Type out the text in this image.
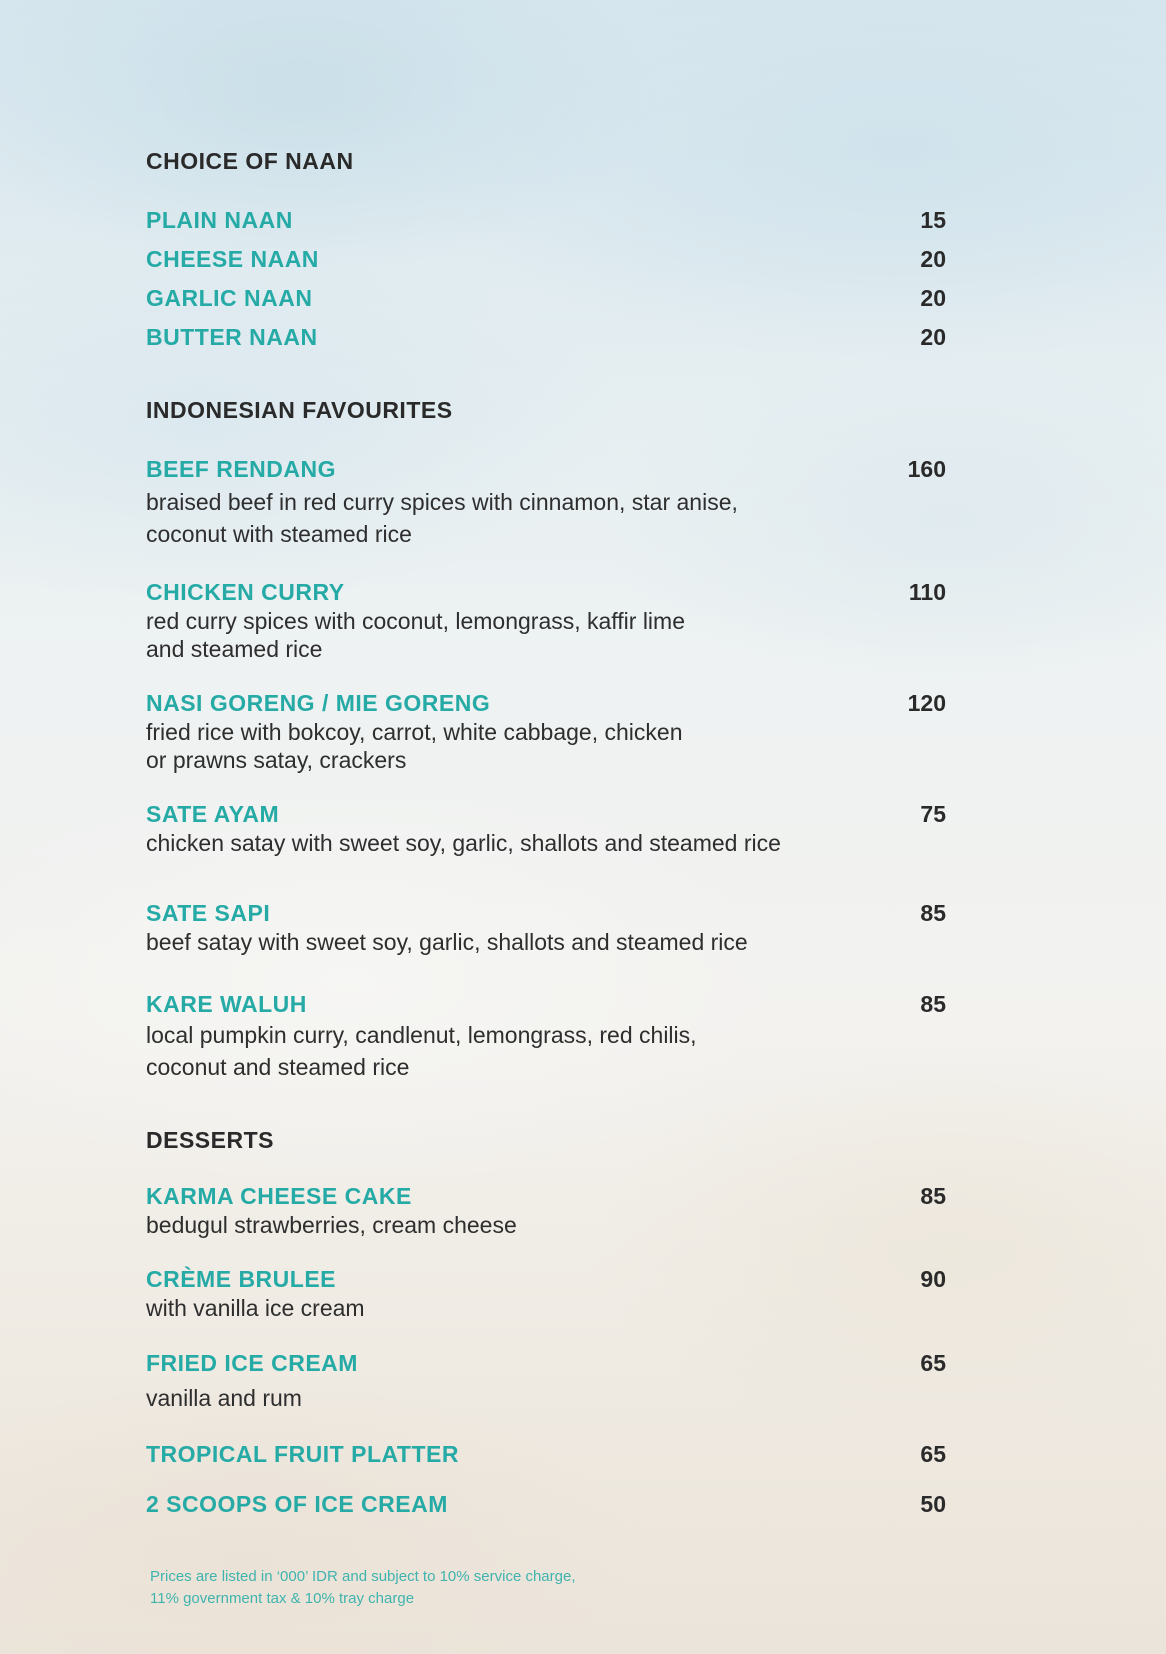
CHOICE OF NAAN
PLAIN NAAN	15
CHEESE NAAN	20
GARLIC NAAN	20
BUTTER NAAN	20
INDONESIAN FAVOURITES
BEEF RENDANG	160
braised beef in red curry spices with cinnamon, star anise,
coconut with steamed rice
CHICKEN CURRY	110
red curry spices with coconut, lemongrass, kaffir lime
and steamed rice
NASI GORENG / MIE GORENG	120
fried rice with bokcoy, carrot, white cabbage, chicken
or prawns satay, crackers
SATE AYAM	75
chicken satay with sweet soy, garlic, shallots and steamed rice
SATE SAPI	85
beef satay with sweet soy, garlic, shallots and steamed rice
KARE WALUH	85
local pumpkin curry, candlenut, lemongrass, red chilis,
coconut and steamed rice
DESSERTS
KARMA CHEESE CAKE	85
bedugul strawberries, cream cheese
CRÈME BRULEE	90
with vanilla ice cream
FRIED ICE CREAM	65
vanilla and rum
TROPICAL FRUIT PLATTER	65
2 SCOOPS OF ICE CREAM	50
Prices are listed in ‘000’ IDR and subject to 10% service charge,
11% government tax & 10% tray charge
